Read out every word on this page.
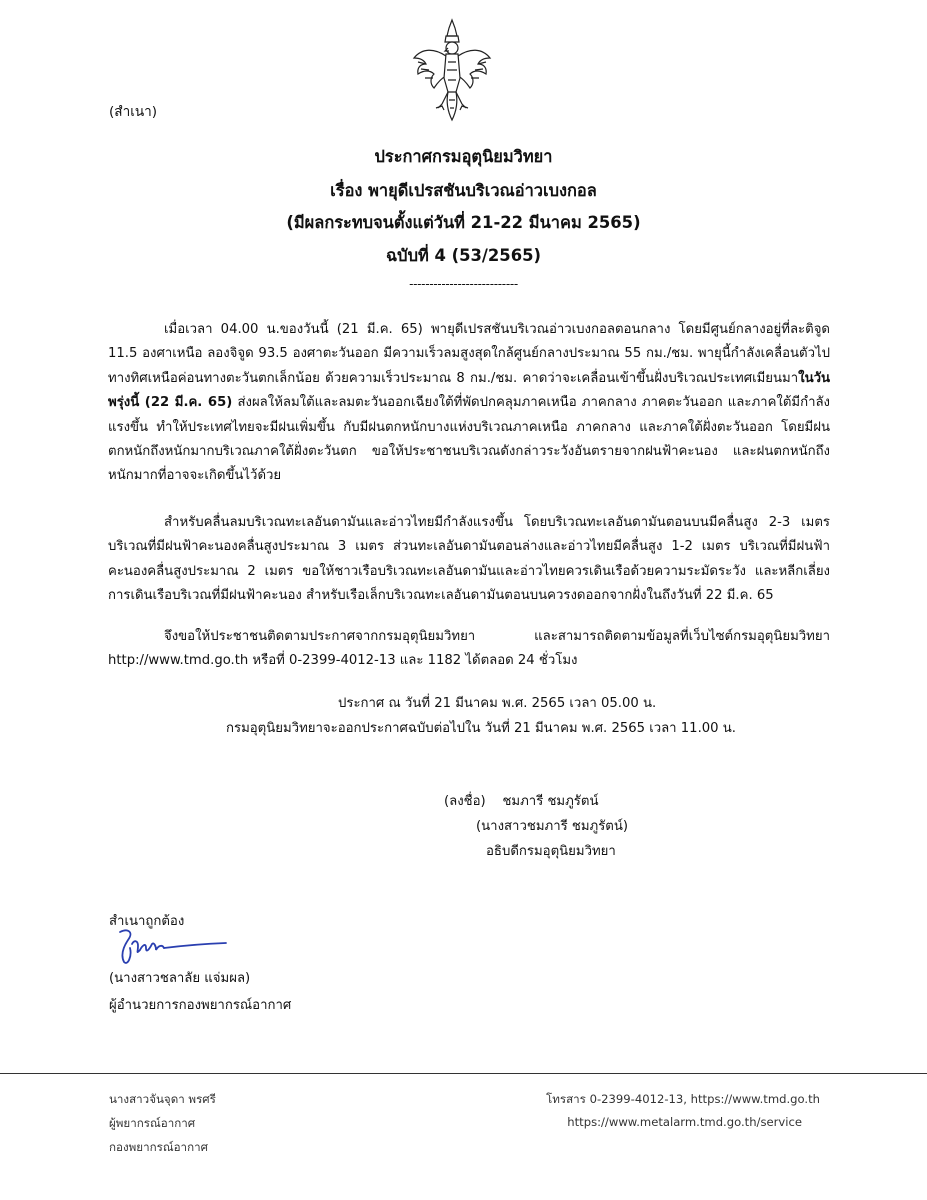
(สำเนา)
ประกาศกรมอุตุนิยมวิทยา
เรื่อง พายุดีเปรสชันบริเวณอ่าวเบงกอล
(มีผลกระทบจนตั้งแต่วันที่ 21-22 มีนาคม 2565)
ฉบับที่ 4 (53/2565)
---------------------------
เมื่อเวลา 04.00 น.ของวันนี้ (21 มี.ค. 65) พายุดีเปรสชันบริเวณอ่าวเบงกอลตอนกลาง โดยมีศูนย์กลางอยู่ที่ละติจูด 11.5 องศาเหนือ ลองจิจูด 93.5 องศาตะวันออก มีความเร็วลมสูงสุดใกล้ศูนย์กลางประมาณ 55 กม./ชม. พายุนี้กำลังเคลื่อนตัวไปทางทิศเหนือค่อนทางตะวันตกเล็กน้อย ด้วยความเร็วประมาณ 8 กม./ชม. คาดว่าจะเคลื่อนเข้าขึ้นฝั่งบริเวณประเทศเมียนมาในวันพรุ่งนี้ (22 มี.ค. 65) ส่งผลให้ลมใต้และลมตะวันออกเฉียงใต้ที่พัดปกคลุมภาคเหนือ ภาคกลาง ภาคตะวันออก และภาคใต้มีกำลังแรงขึ้น ทำให้ประเทศไทยจะมีฝนเพิ่มขึ้น กับมีฝนตกหนักบางแห่งบริเวณภาคเหนือ ภาคกลาง และภาคใต้ฝั่งตะวันออก โดยมีฝนตกหนักถึงหนักมากบริเวณภาคใต้ฝั่งตะวันตก ขอให้ประชาชนบริเวณดังกล่าวระวังอันตรายจากฝนฟ้าคะนอง และฝนตกหนักถึงหนักมากที่อาจจะเกิดขึ้นไว้ด้วย
สำหรับคลื่นลมบริเวณทะเลอันดามันและอ่าวไทยมีกำลังแรงขึ้น โดยบริเวณทะเลอันดามันตอนบนมีคลื่นสูง 2-3 เมตร บริเวณที่มีฝนฟ้าคะนองคลื่นสูงประมาณ 3 เมตร ส่วนทะเลอันดามันตอนล่างและอ่าวไทยมีคลื่นสูง 1-2 เมตร บริเวณที่มีฝนฟ้าคะนองคลื่นสูงประมาณ 2 เมตร ขอให้ชาวเรือบริเวณทะเลอันดามันและอ่าวไทยควรเดินเรือด้วยความระมัดระวัง และหลีกเลี่ยงการเดินเรือบริเวณที่มีฝนฟ้าคะนอง สำหรับเรือเล็กบริเวณทะเลอันดามันตอนบนควรงดออกจากฝั่งในถึงวันที่ 22 มี.ค. 65
จึงขอให้ประชาชนติดตามประกาศจากกรมอุตุนิยมวิทยา และสามารถติดตามข้อมูลที่เว็บไซต์กรมอุตุนิยมวิทยา http://www.tmd.go.th หรือที่ 0-2399-4012-13 และ 1182 ได้ตลอด 24 ชั่วโมง
ประกาศ ณ วันที่ 21 มีนาคม พ.ศ. 2565 เวลา 05.00 น.
กรมอุตุนิยมวิทยาจะออกประกาศฉบับต่อไปใน วันที่ 21 มีนาคม พ.ศ. 2565 เวลา 11.00 น.
(ลงชื่อ)    ชมภารี ชมภูรัตน์
(นางสาวชมภารี ชมภูรัตน์)
อธิบดีกรมอุตุนิยมวิทยา
สำเนาถูกต้อง
(นางสาวชลาลัย แจ่มผล)
ผู้อำนวยการกองพยากรณ์อากาศ
นางสาวจันจุดา พรศรี
ผู้พยากรณ์อากาศ
กองพยากรณ์อากาศ
โทรสาร 0-2399-4012-13, https://www.tmd.go.th
https://www.metalarm.tmd.go.th/service
